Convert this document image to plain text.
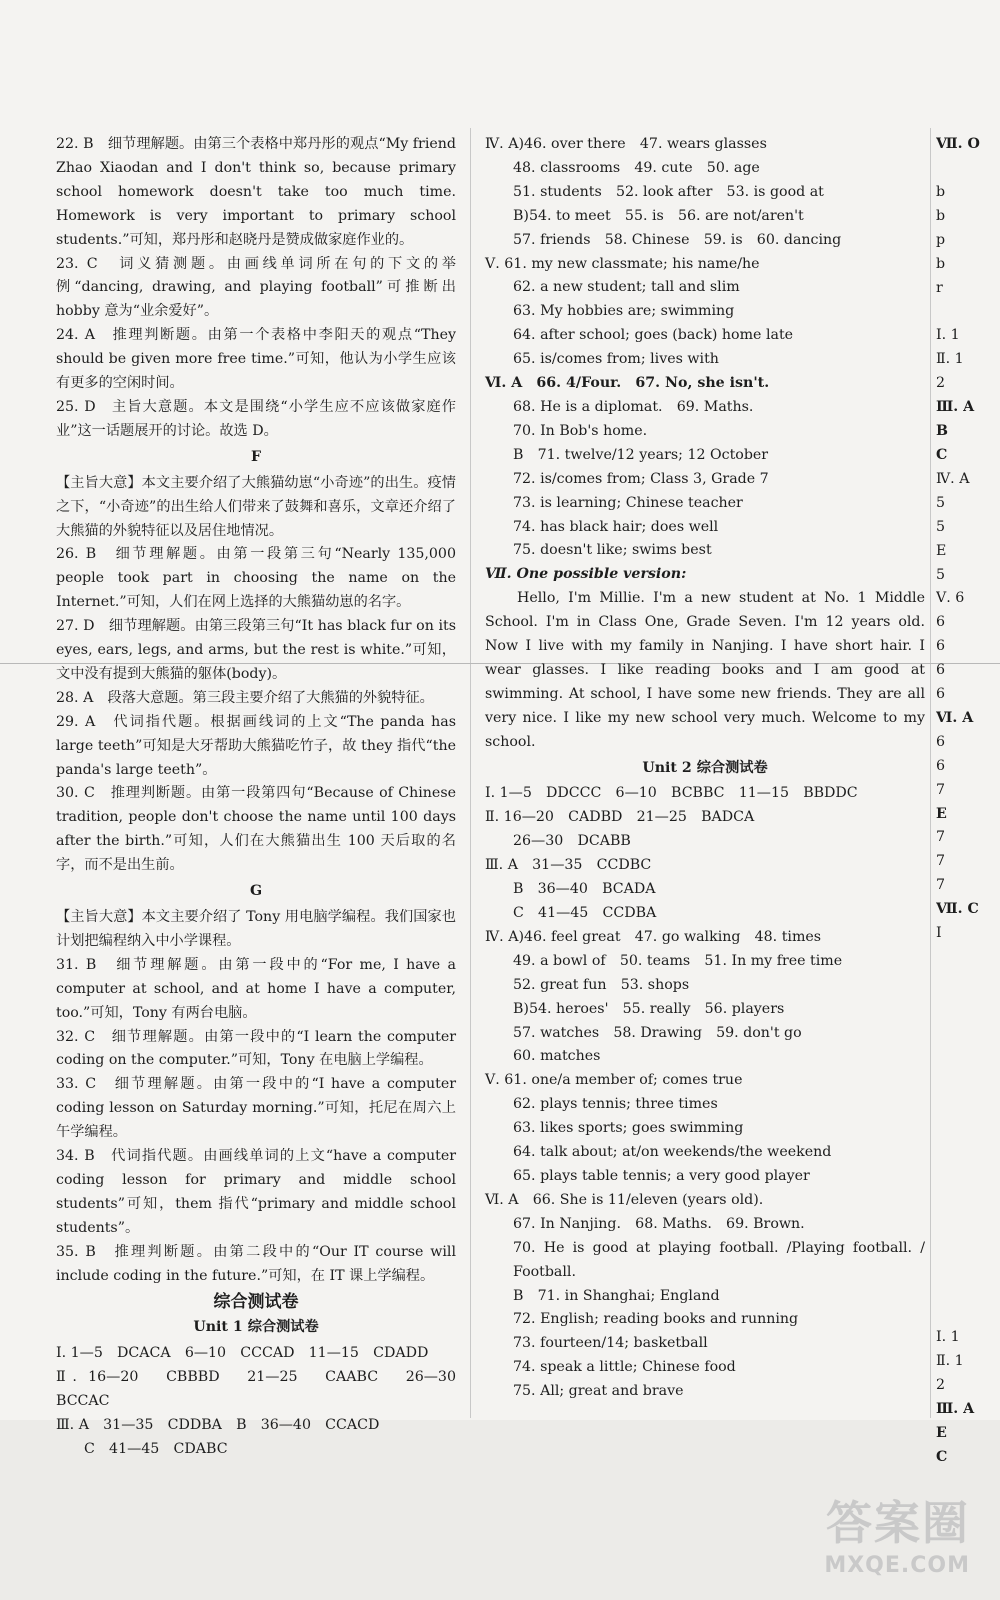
22. B　细节理解题。由第三个表格中郑丹彤的观点“My friend Zhao Xiaodan and I don't think so, because primary school homework doesn't take too much time. Homework is very important to primary school students.”可知，郑丹彤和赵晓丹是赞成做家庭作业的。

23. C　词义猜测题。由画线单词所在句的下文的举例“dancing, drawing, and playing football”可推断出 hobby 意为“业余爱好”。

24. A　推理判断题。由第一个表格中李阳天的观点“They should be given more free time.”可知，他认为小学生应该有更多的空闲时间。

25. D　主旨大意题。本文是围绕“小学生应不应该做家庭作业”这一话题展开的讨论。故选 D。

F

【主旨大意】本文主要介绍了大熊猫幼崽“小奇迹”的出生。疫情之下，“小奇迹”的出生给人们带来了鼓舞和喜乐，文章还介绍了大熊猫的外貌特征以及居住地情况。

26. B　细节理解题。由第一段第三句“Nearly 135,000 people took part in choosing the name on the Internet.”可知，人们在网上选择的大熊猫幼崽的名字。

27. D　细节理解题。由第三段第三句“It has black fur on its eyes, ears, legs, and arms, but the rest is white.”可知，文中没有提到大熊猫的躯体(body)。

28. A　段落大意题。第三段主要介绍了大熊猫的外貌特征。

29. A　代词指代题。根据画线词的上文“The panda has large teeth”可知是大牙帮助大熊猫吃竹子，故 they 指代“the panda's large teeth”。

30. C　推理判断题。由第一段第四句“Because of Chinese tradition, people don't choose the name until 100 days after the birth.”可知，人们在大熊猫出生 100 天后取的名字，而不是出生前。

G

【主旨大意】本文主要介绍了 Tony 用电脑学编程。我们国家也计划把编程纳入中小学课程。

31. B　细节理解题。由第一段中的“For me, I have a computer at school, and at home I have a computer, too.”可知，Tony 有两台电脑。

32. C　细节理解题。由第一段中的“I learn the computer coding on the computer.”可知，Tony 在电脑上学编程。

33. C　细节理解题。由第一段中的“I have a computer coding lesson on Saturday morning.”可知，托尼在周六上午学编程。

34. B　代词指代题。由画线单词的上文“have a computer coding lesson for primary and middle school students”可知，them 指代“primary and middle school students”。

35. B　推理判断题。由第二段中的“Our IT course will include coding in the future.”可知，在 IT 课上学编程。

综合测试卷

Unit 1 综合测试卷

Ⅰ. 1—5　DCACA　6—10　CCCAD　11—15　CDADD

Ⅱ. 16—20　CBBBD　21—25　CAABC　26—30　BCCAC

Ⅲ. A　31—35　CDDBA　B　36—40　CCACD

C　41—45　CDABC

Ⅳ. A)46. over there　47. wears glasses

48. classrooms　49. cute　50. age

51. students　52. look after　53. is good at

B)54. to meet　55. is　56. are not/aren't

57. friends　58. Chinese　59. is　60. dancing

Ⅴ. 61. my new classmate; his name/he

62. a new student; tall and slim

63. My hobbies are; swimming

64. after school; goes (back) home late

65. is/comes from; lives with

Ⅵ. A　66. 4/Four.　67. No, she isn't.

68. He is a diplomat.　69. Maths.

70. In Bob's home.

B　71. twelve/12 years; 12 October

72. is/comes from; Class 3, Grade 7

73. is learning; Chinese teacher

74. has black hair; does well

75. doesn't like; swims best

Ⅶ. One possible version:

Hello, I'm Millie. I'm a new student at No. 1 Middle School. I'm in Class One, Grade Seven. I'm 12 years old. Now I live with my family in Nanjing. I have short hair. I wear glasses. I like reading books and I am good at swimming. At school, I have some new friends. They are all very nice. I like my new school very much. Welcome to my school.

Unit 2 综合测试卷

Ⅰ. 1—5　DDCCC　6—10　BCBBC　11—15　BBDDC

Ⅱ. 16—20　CADBD　21—25　BADCA

26—30　DCABB

Ⅲ. A　31—35　CCDBC

B　36—40　BCADA

C　41—45　CCDBA

Ⅳ. A)46. feel great　47. go walking　48. times

49. a bowl of　50. teams　51. In my free time

52. great fun　53. shops

B)54. heroes'　55. really　56. players

57. watches　58. Drawing　59. don't go

60. matches

Ⅴ. 61. one/a member of; comes true

62. plays tennis; three times

63. likes sports; goes swimming

64. talk about; at/on weekends/the weekend

65. plays table tennis; a very good player

Ⅵ. A　66. She is 11/eleven (years old).

67. In Nanjing.　68. Maths.　69. Brown.

70. He is good at playing football. /Playing football. / Football.

B　71. in Shanghai; England

72. English; reading books and running

73. fourteen/14; basketball

74. speak a little; Chinese food

75. All; great and brave

Ⅶ. O

b

b

p

b

r

Ⅰ. 1

Ⅱ. 1

2

Ⅲ. A

B

C

Ⅳ. A

5

5

E

5

Ⅴ. 6

6

6

6

6

Ⅵ. A

6

6

7

E

7

7

7

Ⅶ. C

I

Ⅰ. 1

Ⅱ. 1

2

Ⅲ. A

E

C

答案圈
MXQE.COM
